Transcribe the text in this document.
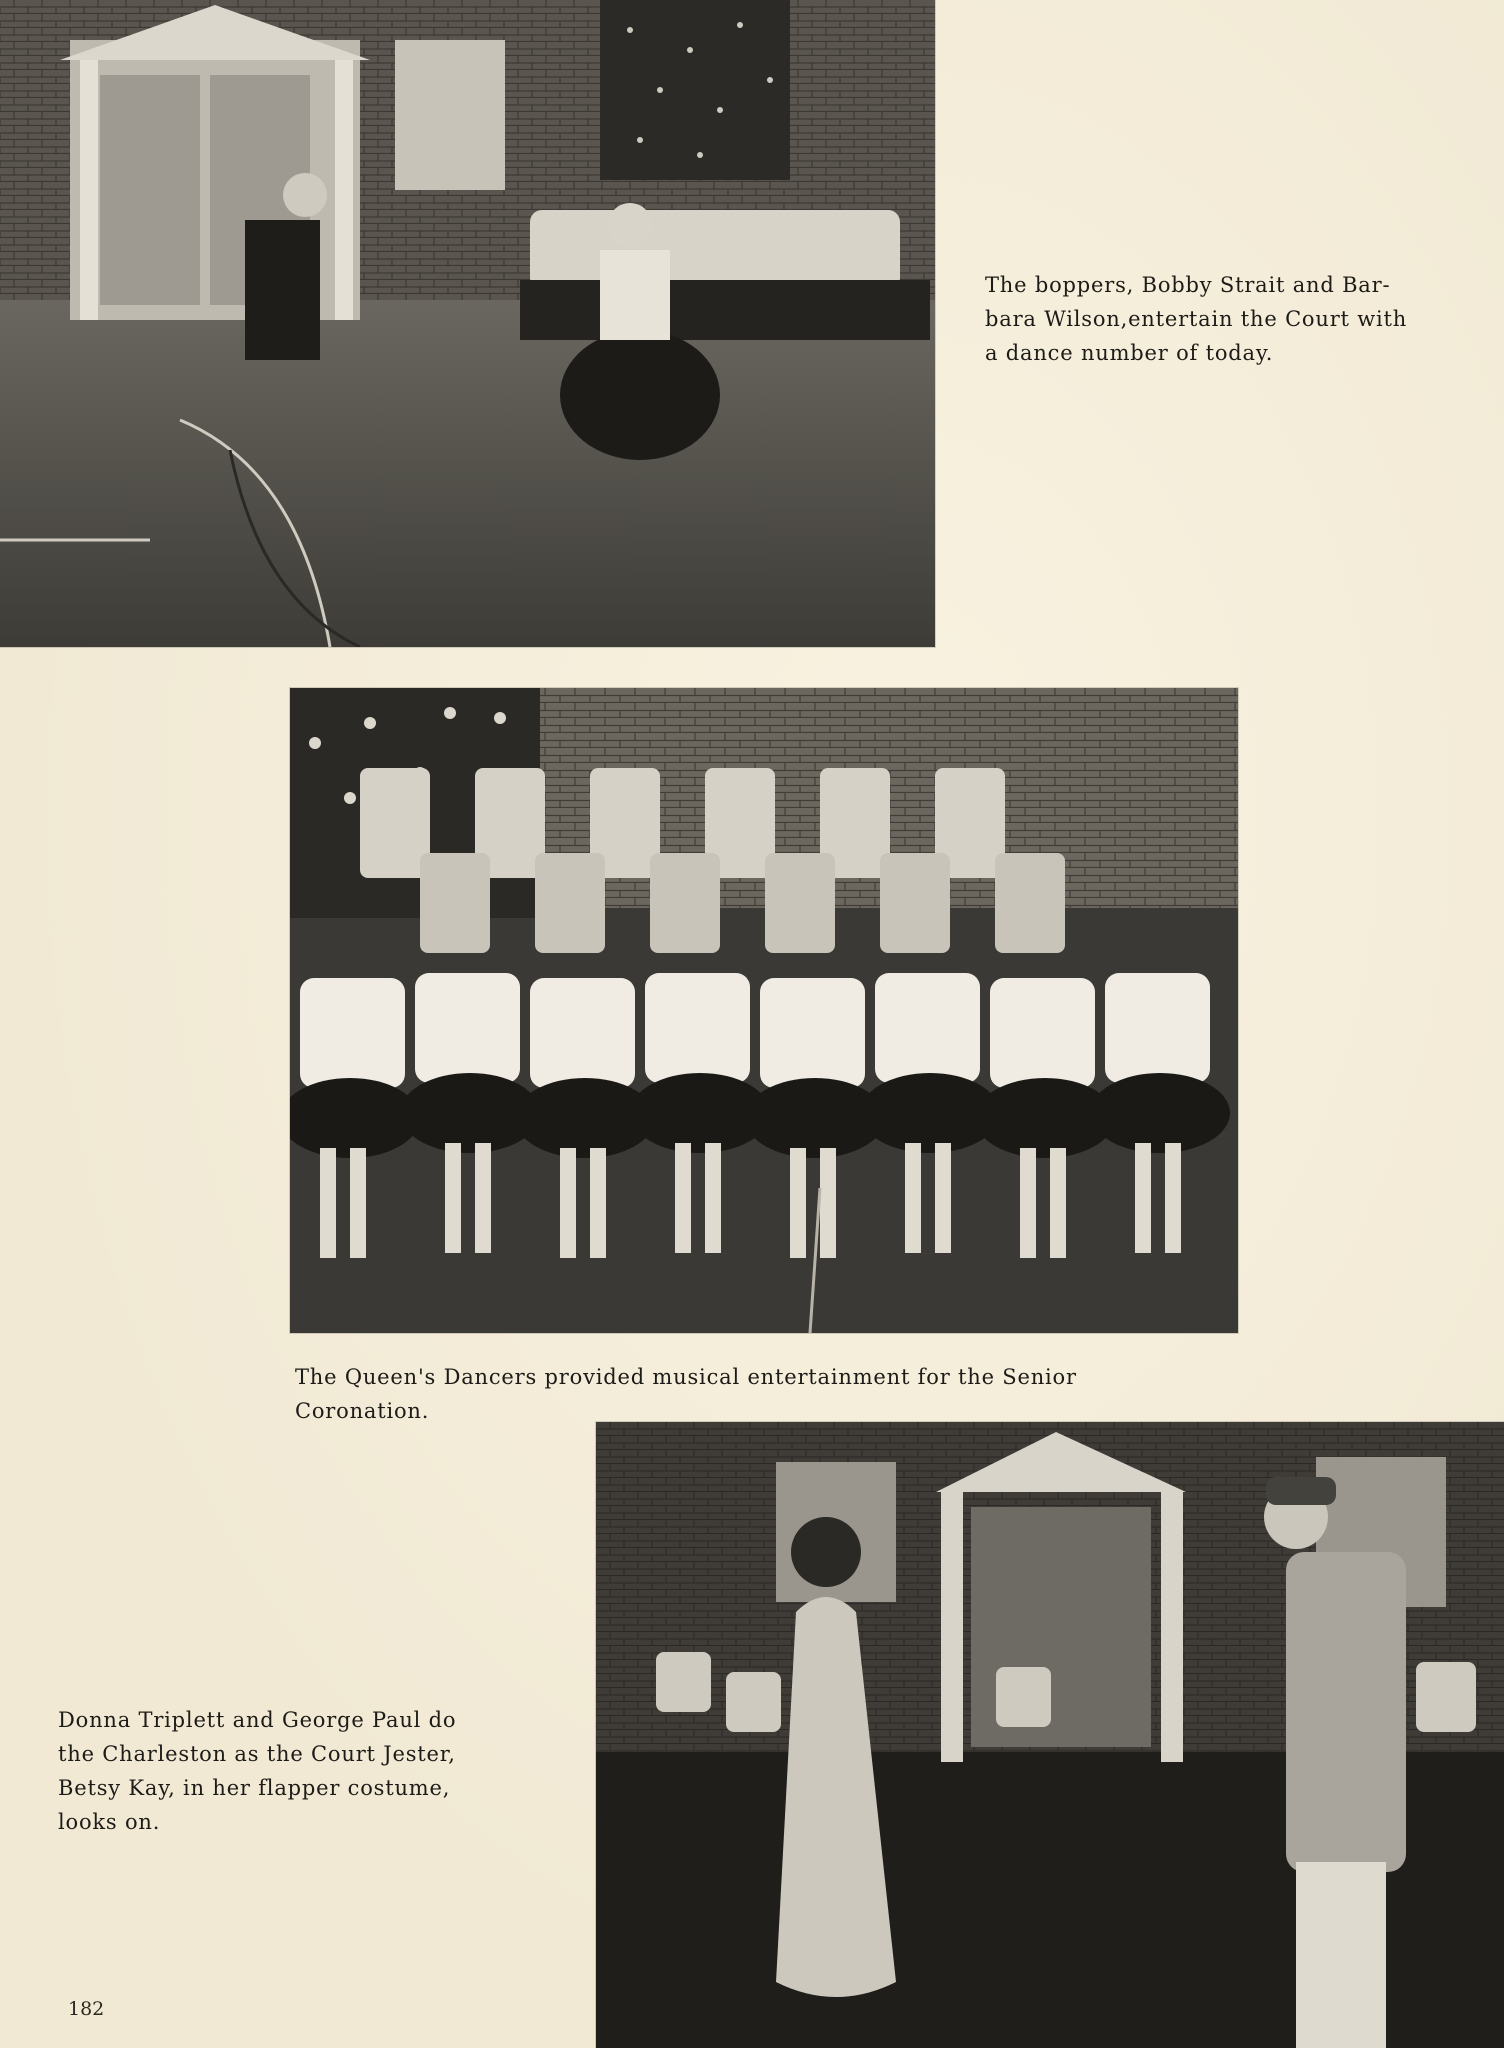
The boppers, Bobby Strait and Bar-
bara Wilson,entertain the Court with
a dance number of today.
The Queen's Dancers provided musical entertainment for the Senior
Coronation.
Donna Triplett and George Paul do
the Charleston as the Court Jester,
Betsy Kay, in her flapper costume,
looks on.
182
